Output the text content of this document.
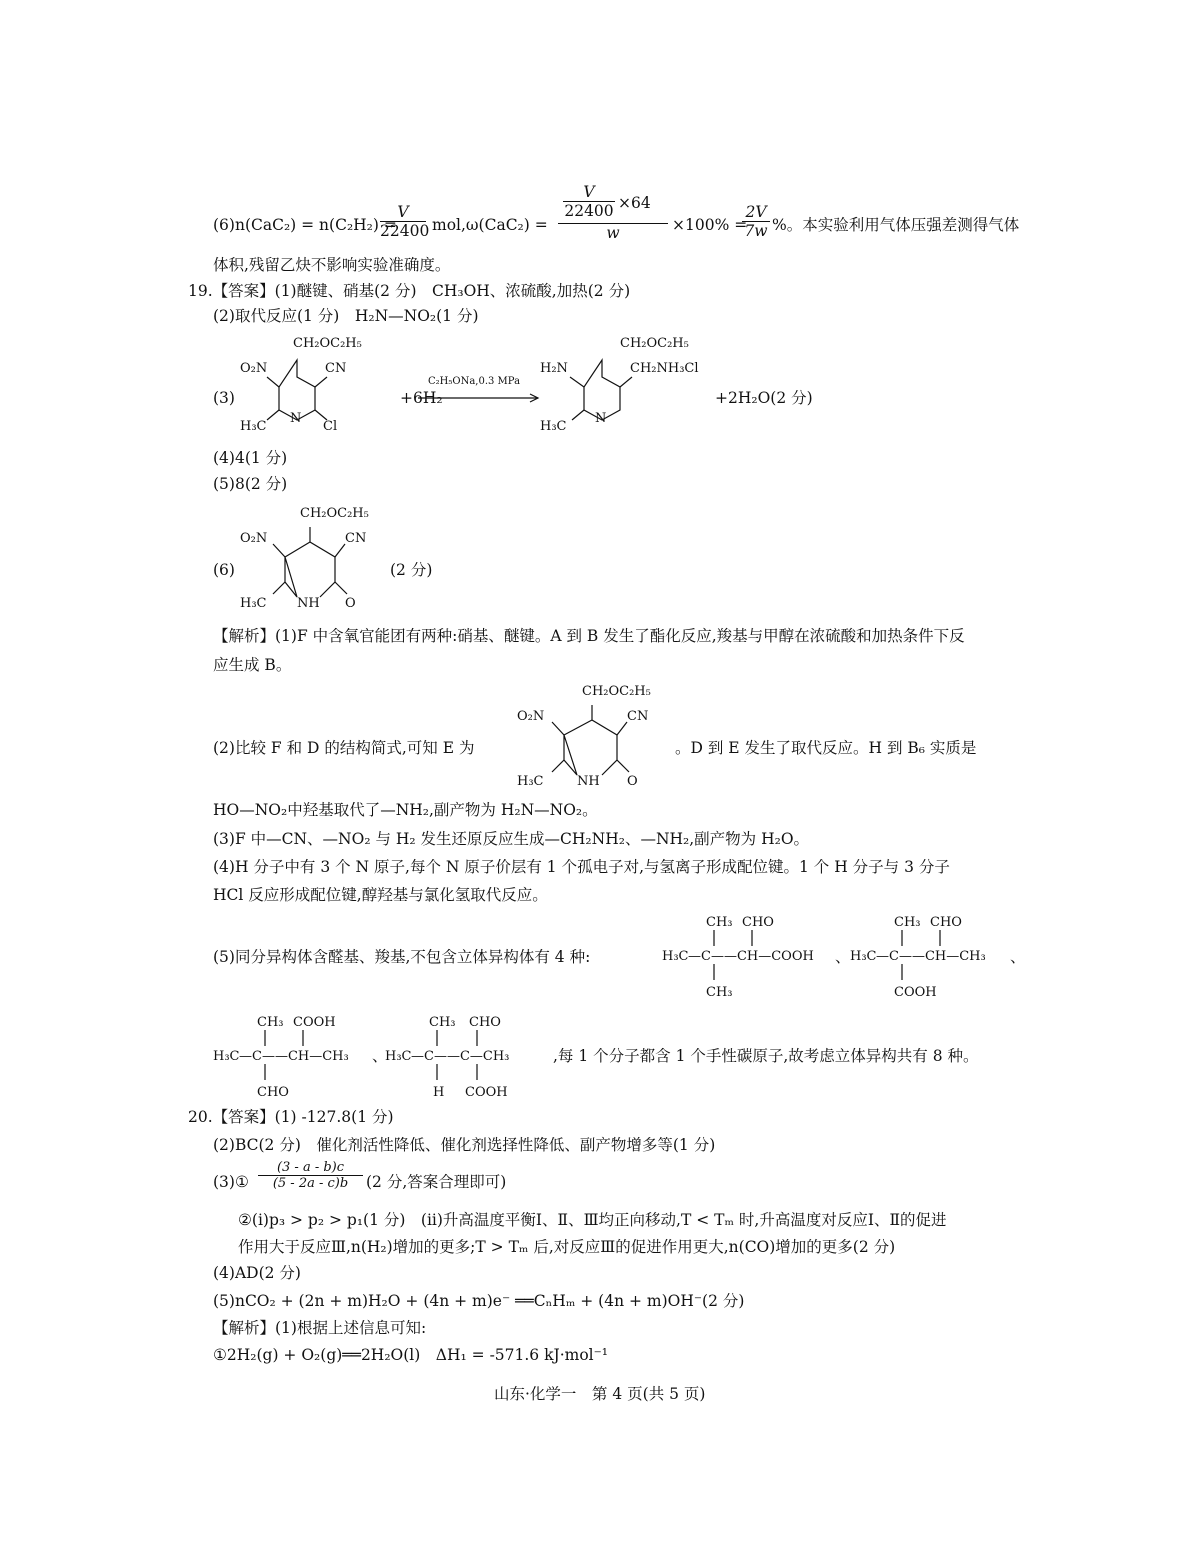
(6)n(CaC₂) = n(C₂H₂) =
$\frac{V}{22400} mol,\omega(CaC_2) = \frac{\frac{V}{22400} \times 64}{w} \times 100\%$ =
$\frac{2V}{7w}$ %。本实验利用气体压强差测得气体
体积,残留乙炔不影响实验准确度。
19.【答案】(1)醚键、硝基(2 分)　CH₃OH、浓硫酸,加热(2 分)
(2)取代反应(1 分)　H₂N—NO₂(1 分)
(3)
CH₂OC₂H₅
O₂N	CN
H₃C
N
Cl
+6H₂
C₂H₅ONa,0.3 MPa
CH₂OC₂H₅
H₂N	CH₂NH₃Cl
H₃C
N
+2H₂O(2 分)
(4)4(1 分)
(5)8(2 分)
(6)
CH₂OC₂H₅
O₂N	CN
H₃C NH O
(2 分)
【解析】(1)F 中含氧官能团有两种:硝基、醚键。A 到 B 发生了酯化反应,羧基与甲醇在浓硫酸和加热条件下反
应生成 B。
(2)比较 F 和 D 的结构简式,可知 E 为
CH₂OC₂H₅
O₂N	CN
H₃C	NH O
。D 到 E 发生了取代反应。H 到 B₆ 实质是
HO—NO₂中羟基取代了—NH₂,副产物为 H₂N—NO₂。
(3)F 中—CN、—NO₂ 与 H₂ 发生还原反应生成—CH₂NH₂、—NH₂,副产物为 H₂O。
(4)H 分子中有 3 个 N 原子,每个 N 原子价层有 1 个孤电子对,与氢离子形成配位键。1 个 H 分子与 3 分子
HCl 反应形成配位键,醇羟基与氯化氢取代反应。
(5)同分异构体含醛基、羧基,不包含立体异构体有 4 种:
CH₃ CHO
H₃C —C——CH—COOH
CH₃
、
CH₃ CHO
H₃C —C——CH—CH₃
COOH
、
CH₃ COOH
H₃C —C——CH—CH₃
CHO
、
CH₃ CHO
H₃C —C——C—CH₃
H COOH
,每 1 个分子都含 1 个手性碳原子,故考虑立体异构共有 8 种。
20.【答案】(1) -127.8(1 分)
(2)BC(2 分)　催化剂活性降低、催化剂选择性降低、副产物增多等(1 分)
(3)① $\frac{(3 - a - b)c}{(5 - 2a - c)b} (2$ 分,答案合理即可)
②(i)p₃ > p₂ > p₁(1 分)　(ii)升高温度平衡Ⅰ、Ⅱ、Ⅲ均正向移动,T < Tₘ 时,升高温度对反应Ⅰ、Ⅱ的促进
作用大于反应Ⅲ,n(H₂)增加的更多;T > Tₘ 后,对反应Ⅲ的促进作用更大,n(CO)增加的更多(2 分)
(4)AD(2 分)
(5)nCO₂ + (2n + m)H₂O + (4n + m)e⁻ ══CₙHₘ + (4n + m)OH⁻(2 分)
【解析】(1)根据上述信息可知:
①2H₂(g) + O₂(g)══2H₂O(l)　ΔH₁ = -571.6 kJ·mol⁻¹
山东·化学一　第 4 页(共 5 页)
